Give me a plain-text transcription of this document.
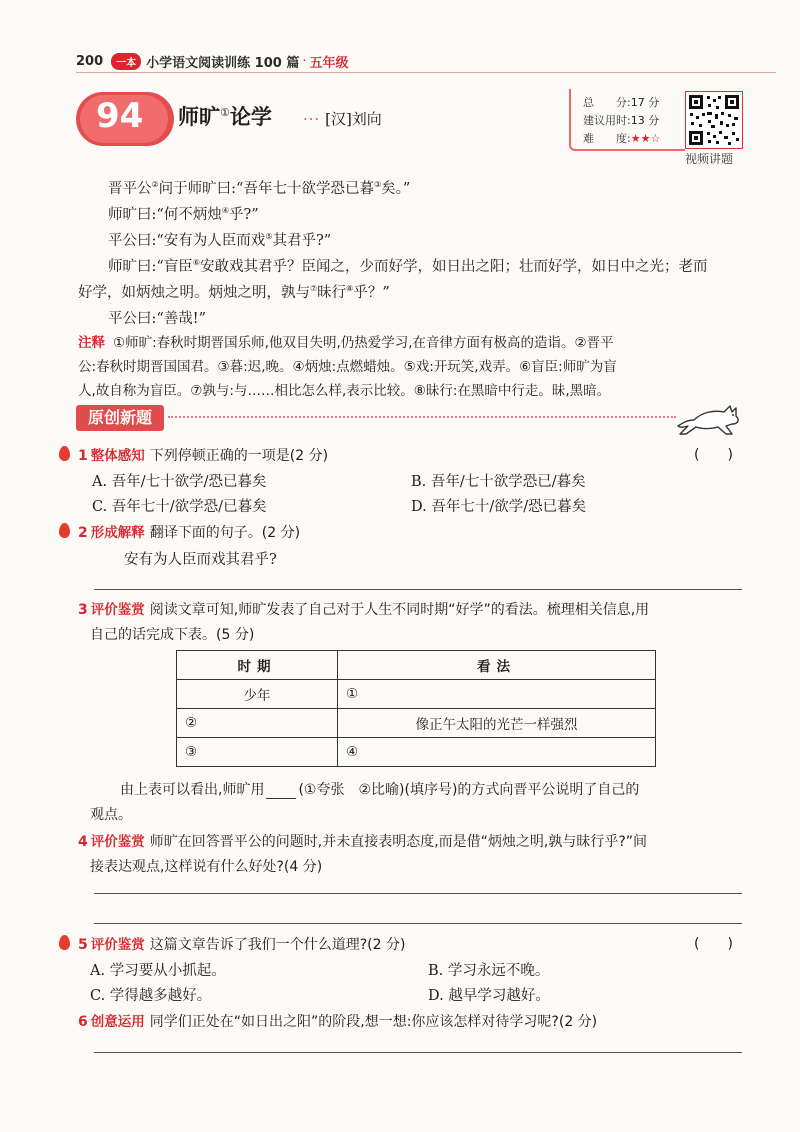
200	一本 小学语文阅读训练 100 篇 · 五年级
94 师旷①论学 ··· [汉]刘向
总　　分:17 分
建议用时:13 分
难　　度:★★☆
视频讲题
晋平公②问于师旷曰:“吾年七十欲学恐已暮③矣。”
师旷曰:“何不炳烛④乎?”
平公曰:“安有为人臣而戏⑤其君乎?”
师旷曰:“盲臣⑥安敢戏其君乎？臣闻之，少而好学，如日出之阳；壮而好学，如日中之光；老而
好学，如炳烛之明。炳烛之明，孰与⑦昧行⑧乎？”
平公曰:“善哉!”
注释 ①师旷:春秋时期晋国乐师,他双目失明,仍热爱学习,在音律方面有极高的造诣。②晋平
公:春秋时期晋国国君。③暮:迟,晚。④炳烛:点燃蜡烛。⑤戏:开玩笑,戏弄。⑥盲臣:师旷为盲
人,故自称为盲臣。⑦孰与:与……相比怎么样,表示比较。⑧昧行:在黑暗中行走。昧,黑暗。
原创新题
1 整体感知 下列停顿正确的一项是(2 分)	(　　)
A. 吾年/七十欲学/恐已暮矣	B. 吾年/七十欲学恐已/暮矣
C. 吾年七十/欲学恐/已暮矣	D. 吾年七十/欲学/恐已暮矣
2 形成解释 翻译下面的句子。(2 分)
安有为人臣而戏其君乎?
3 评价鉴赏 阅读文章可知,师旷发表了自己对于人生不同时期“好学”的看法。梳理相关信息,用
自己的话完成下表。(5 分)
时期	看法
少年	①
②	像正午太阳的光芒一样强烈
③	④
由上表可以看出,师旷用 (①夸张　②比喻)(填序号)的方式向晋平公说明了自己的
观点。
4 评价鉴赏 师旷在回答晋平公的问题时,并未直接表明态度,而是借“炳烛之明,孰与昧行乎?”间
接表达观点,这样说有什么好处?(4 分)
5 评价鉴赏 这篇文章告诉了我们一个什么道理?(2 分)	(　　)
A. 学习要从小抓起。	B. 学习永远不晚。
C. 学得越多越好。	D. 越早学习越好。
6 创意运用 同学们正处在“如日出之阳”的阶段,想一想:你应该怎样对待学习呢?(2 分)
